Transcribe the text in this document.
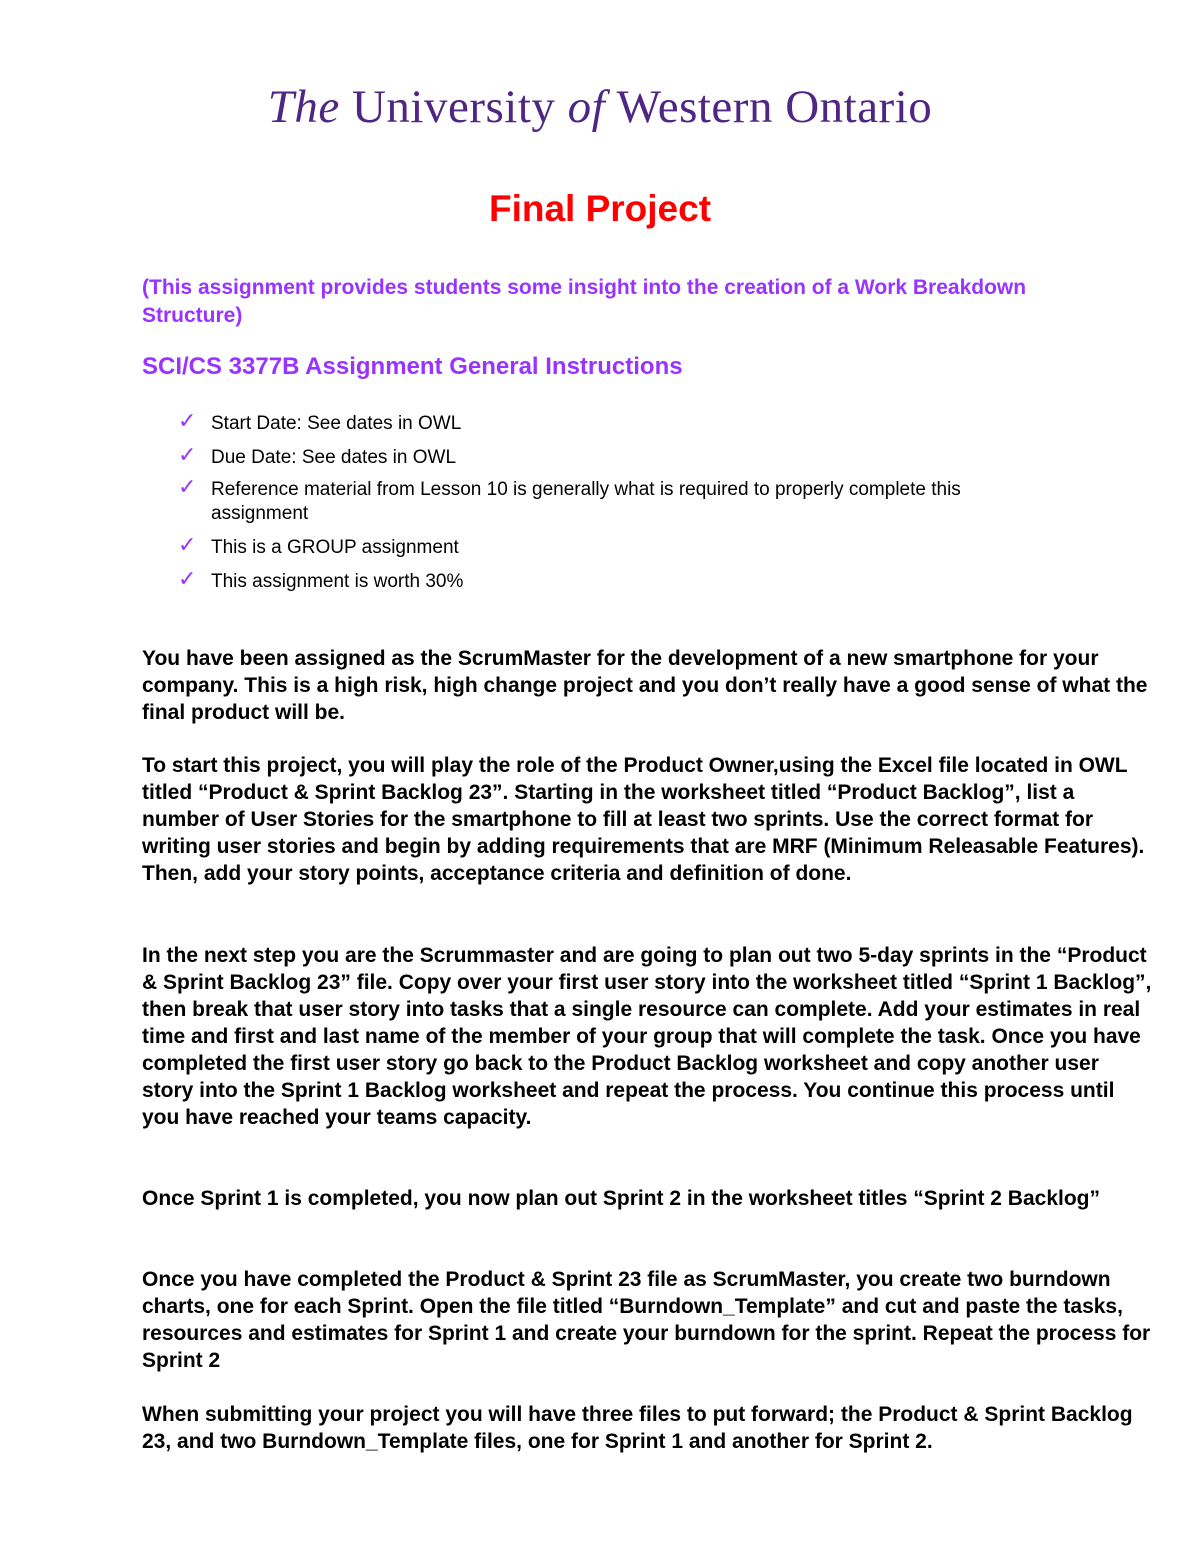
The University of Western Ontario
Final Project
(This assignment provides students some insight into the creation of a Work Breakdown Structure)
SCI/CS 3377B Assignment General Instructions
✓ Start Date: See dates in OWL
✓ Due Date: See dates in OWL
✓ Reference material from Lesson 10 is generally what is required to properly complete this assignment
✓ This is a GROUP assignment
✓ This assignment is worth 30%

You have been assigned as the ScrumMaster for the development of a new smartphone for your company. This is a high risk, high change project and you don’t really have a good sense of what the final product will be.

To start this project, you will play the role of the Product Owner,using the Excel file located in OWL titled “Product & Sprint Backlog 23”. Starting in the worksheet titled “Product Backlog”, list a number of User Stories for the smartphone to fill at least two sprints. Use the correct format for writing user stories and begin by adding requirements that are MRF (Minimum Releasable Features). Then, add your story points, acceptance criteria and definition of done.

In the next step you are the Scrummaster and are going to plan out two 5-day sprints in the “Product & Sprint Backlog 23” file. Copy over your first user story into the worksheet titled “Sprint 1 Backlog”, then break that user story into tasks that a single resource can complete. Add your estimates in real time and first and last name of the member of your group that will complete the task. Once you have completed the first user story go back to the Product Backlog worksheet and copy another user story into the Sprint 1 Backlog worksheet and repeat the process. You continue this process until you have reached your teams capacity.

Once Sprint 1 is completed, you now plan out Sprint 2 in the worksheet titles “Sprint 2 Backlog”

Once you have completed the Product & Sprint 23 file as ScrumMaster, you create two burndown charts, one for each Sprint. Open the file titled “Burndown_Template” and cut and paste the tasks, resources and estimates for Sprint 1 and create your burndown for the sprint. Repeat the process for Sprint 2

When submitting your project you will have three files to put forward; the Product & Sprint Backlog 23, and two Burndown_Template files, one for Sprint 1 and another for Sprint 2.
